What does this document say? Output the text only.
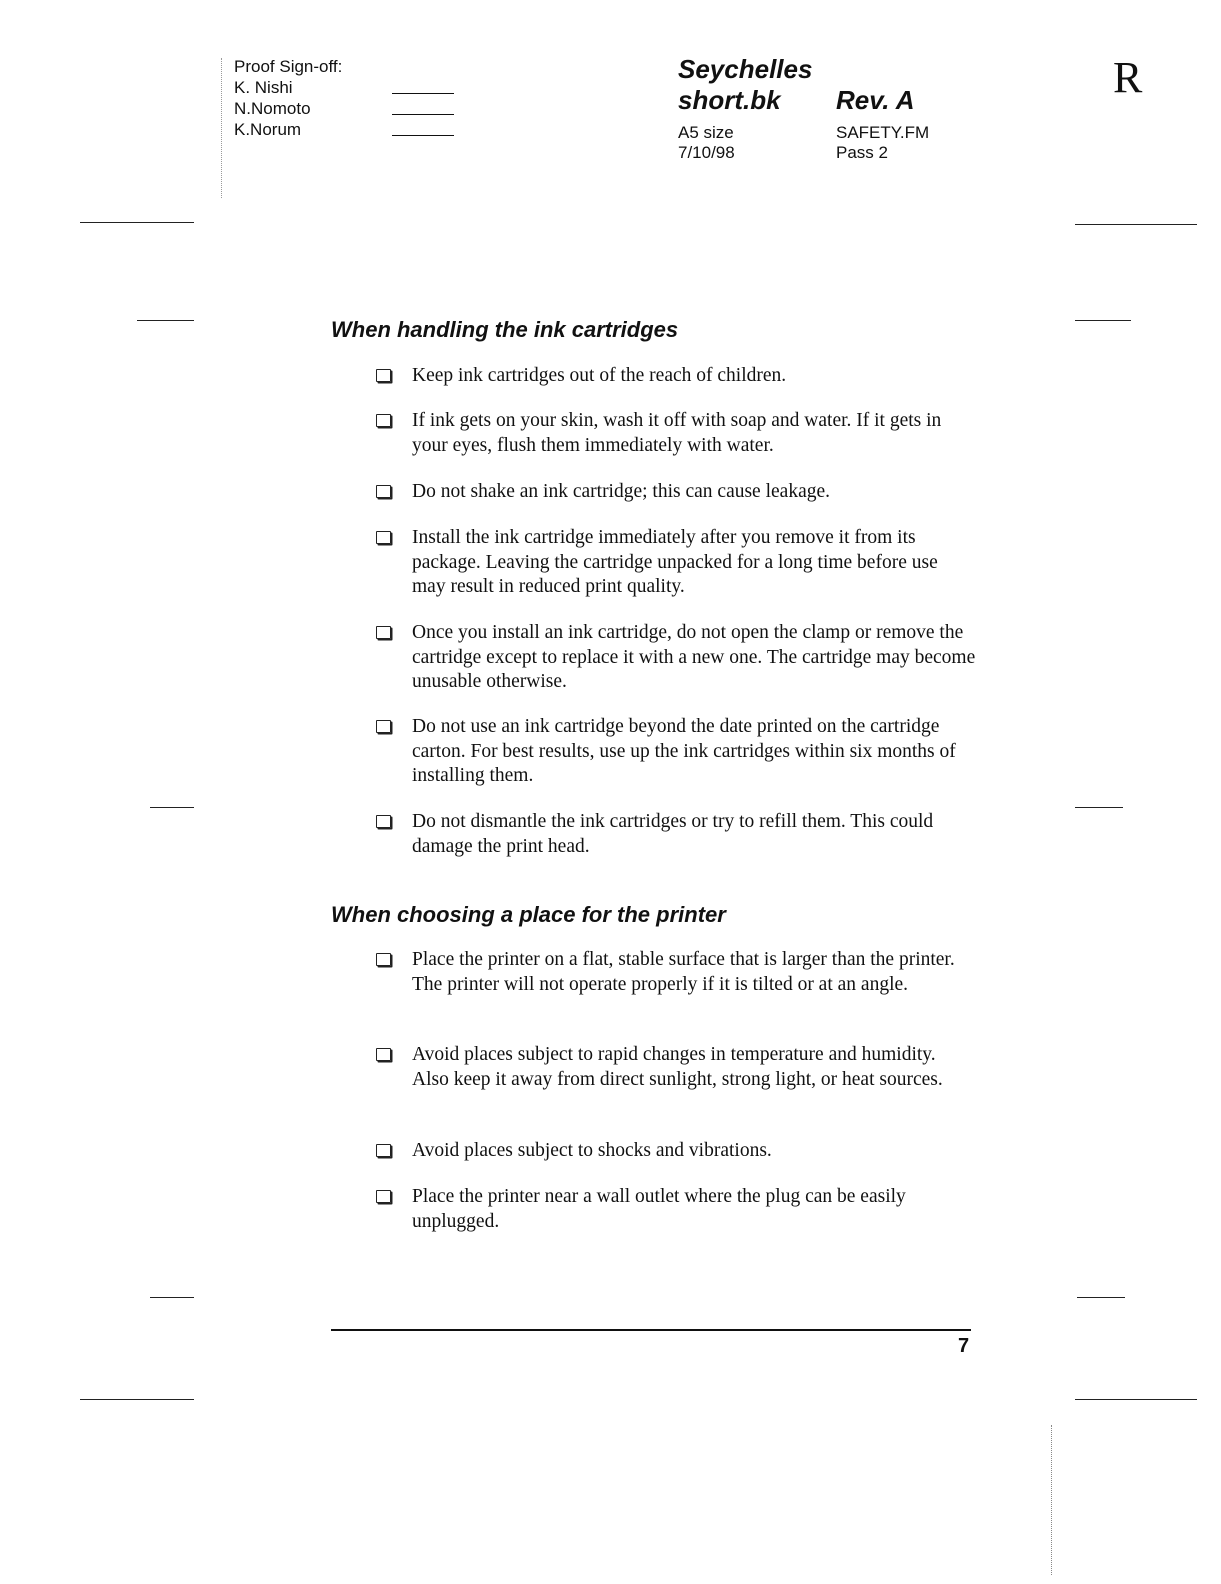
Proof Sign-off:
K. Nishi
N.Nomoto
K.Norum
Seychelles
short.bk Rev. A
A5 size
7/10/98
SAFETY.FM
Pass 2
R
When handling the ink cartridges
Keep ink cartridges out of the reach of children.
If ink gets on your skin, wash it off with soap and water. If it gets in your eyes, flush them immediately with water.
Do not shake an ink cartridge; this can cause leakage.
Install the ink cartridge immediately after you remove it from its package. Leaving the cartridge unpacked for a long time before use may result in reduced print quality.
Once you install an ink cartridge, do not open the clamp or remove the cartridge except to replace it with a new one. The cartridge may become unusable otherwise.
Do not use an ink cartridge beyond the date printed on the cartridge carton. For best results, use up the ink cartridges within six months of installing them.
Do not dismantle the ink cartridges or try to refill them. This could damage the print head.
When choosing a place for the printer
Place the printer on a flat, stable surface that is larger than the printer. The printer will not operate properly if it is tilted or at an angle.
Avoid places subject to rapid changes in temperature and humidity. Also keep it away from direct sunlight, strong light, or heat sources.
Avoid places subject to shocks and vibrations.
Place the printer near a wall outlet where the plug can be easily unplugged.
7
